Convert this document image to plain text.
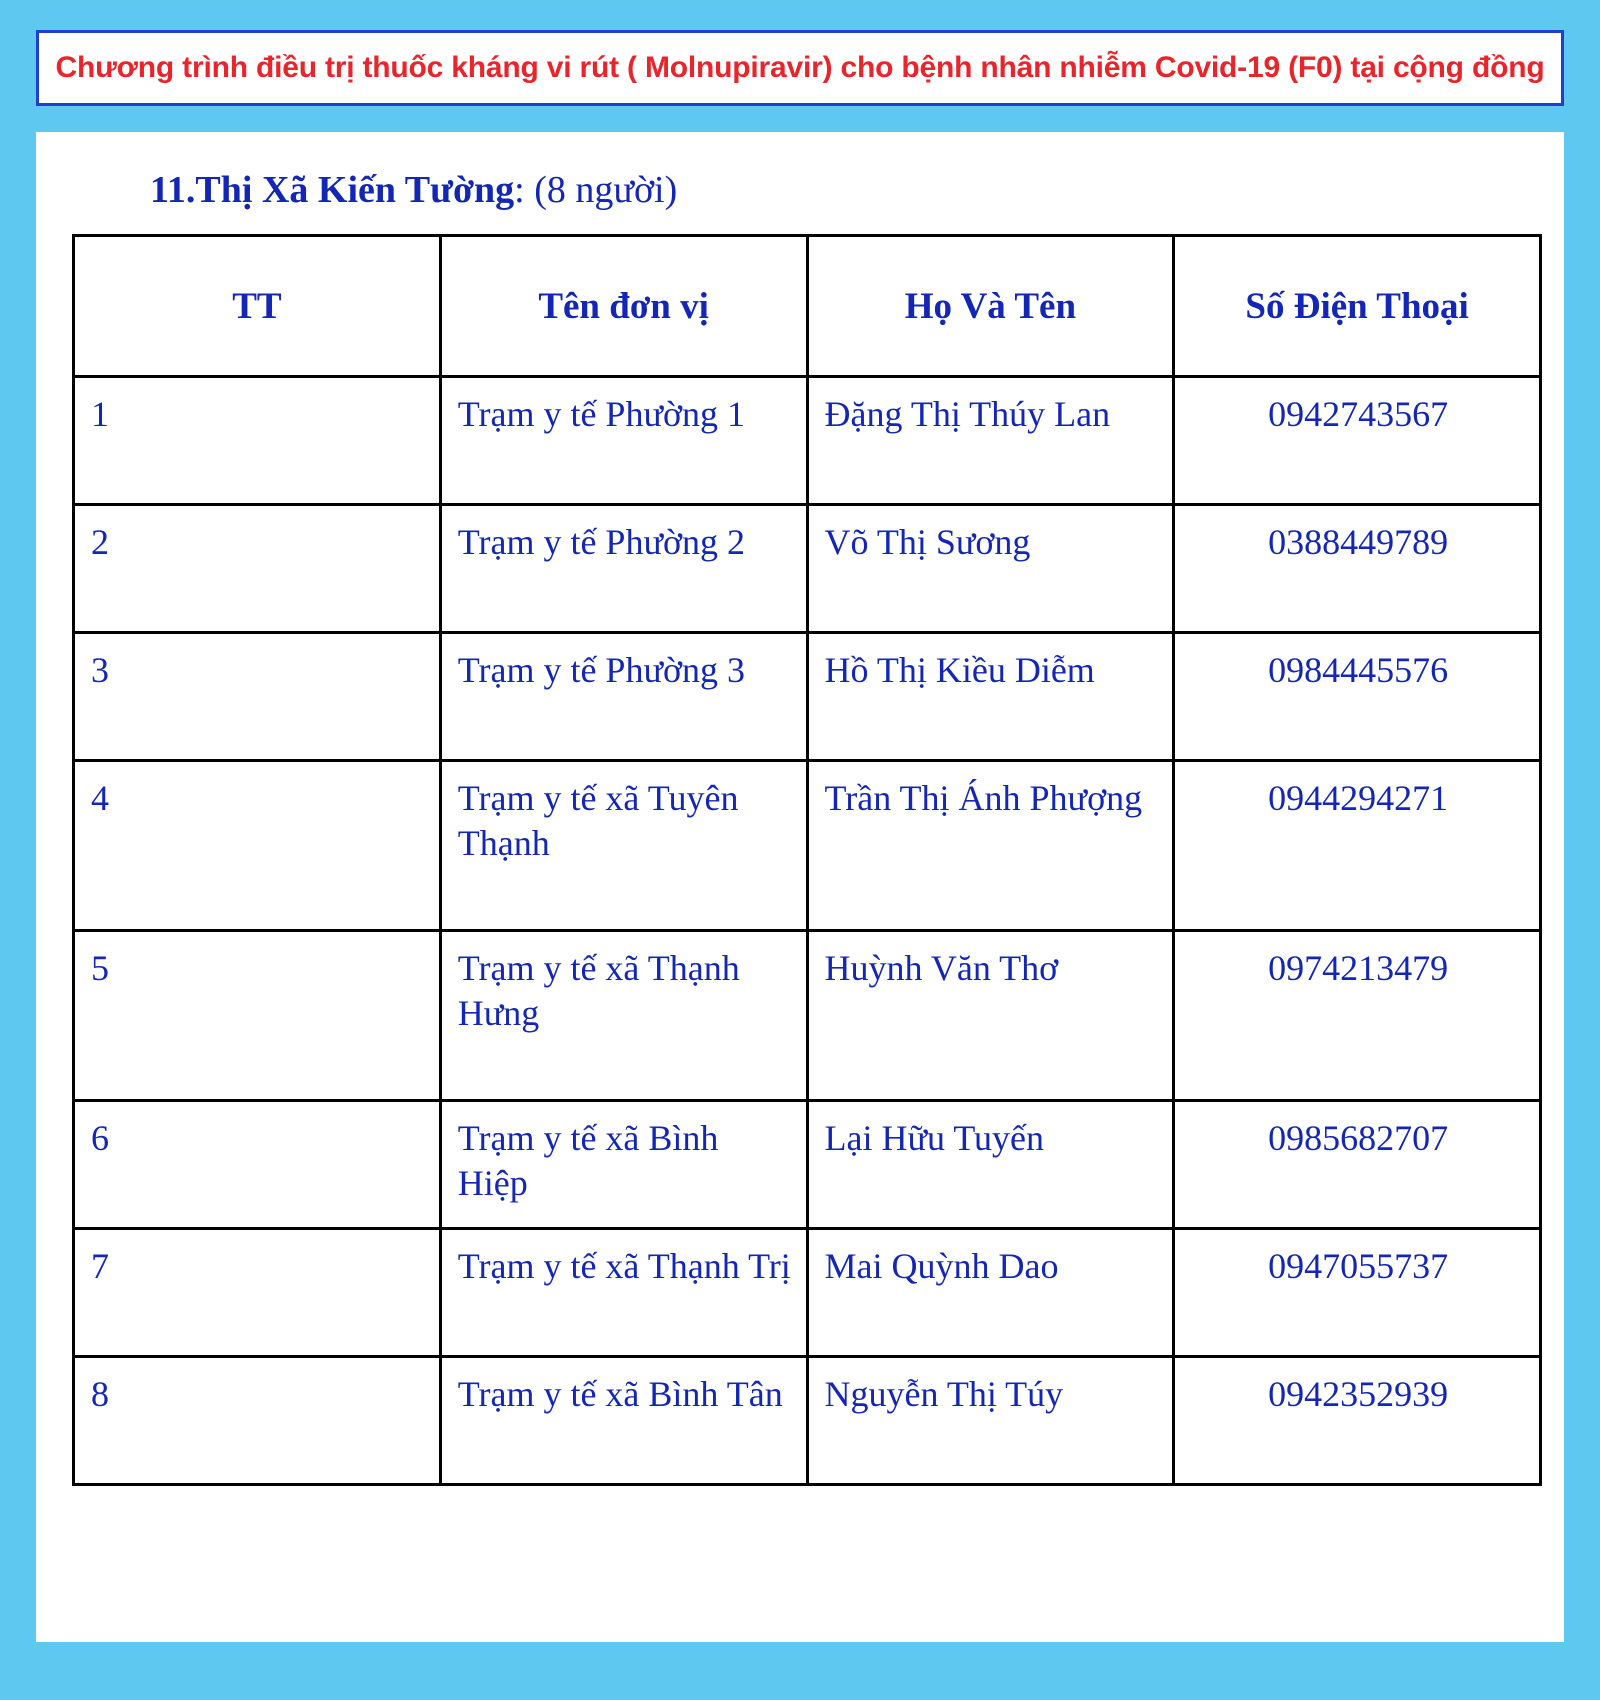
Chương trình điều trị thuốc kháng vi rút ( Molnupiravir) cho bệnh nhân nhiễm Covid-19 (F0) tại cộng đồng
11.Thị Xã Kiến Tường: (8 người)
TT	Tên đơn vị	Họ Và Tên	Số Điện Thoại
1	Trạm y tế Phường 1	Đặng Thị Thúy Lan	0942743567
2	Trạm y tế Phường 2	Võ Thị Sương	0388449789
3	Trạm y tế Phường 3	Hồ Thị Kiều Diễm	0984445576
4	Trạm y tế xã Tuyên Thạnh	Trần Thị Ánh Phượng	0944294271
5	Trạm y tế xã Thạnh Hưng	Huỳnh Văn Thơ	0974213479
6	Trạm y tế xã Bình Hiệp	Lại Hữu Tuyến	0985682707
7	Trạm y tế xã Thạnh Trị	Mai Quỳnh Dao	0947055737
8	Trạm y tế xã Bình Tân	Nguyễn Thị Túy	0942352939
